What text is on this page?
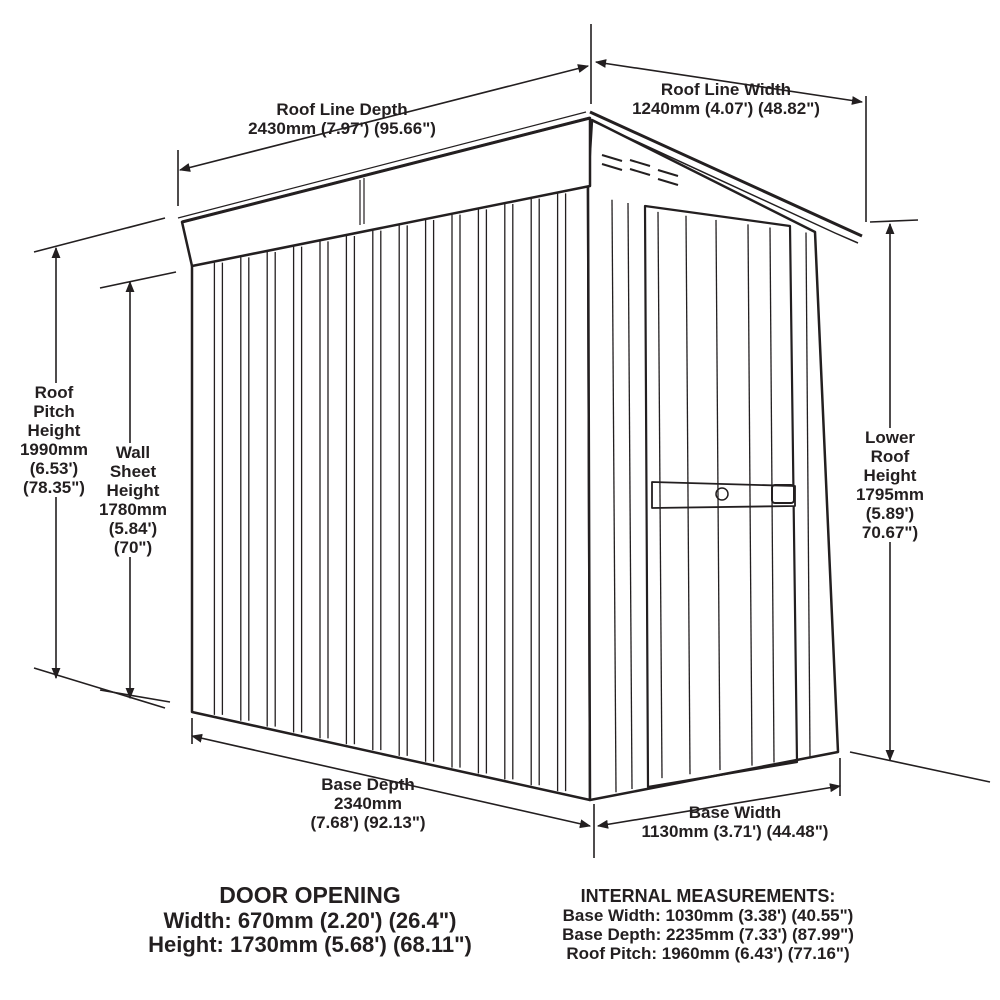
Roof Line Depth
2430mm (7.97') (95.66")
Roof Line Width
1240mm (4.07') (48.82")
Roof
Pitch
Height
1990mm
(6.53')
(78.35")
Wall
Sheet
Height
1780mm
(5.84')
(70")
Lower
Roof
Height
1795mm
(5.89')
70.67")
Base Depth
2340mm
(7.68') (92.13")
Base Width
1130mm (3.71') (44.48")
DOOR OPENING
Width: 670mm (2.20') (26.4")
Height: 1730mm (5.68') (68.11")
INTERNAL MEASUREMENTS:
Base Width: 1030mm (3.38') (40.55")
Base Depth: 2235mm (7.33') (87.99")
Roof Pitch: 1960mm (6.43') (77.16")
